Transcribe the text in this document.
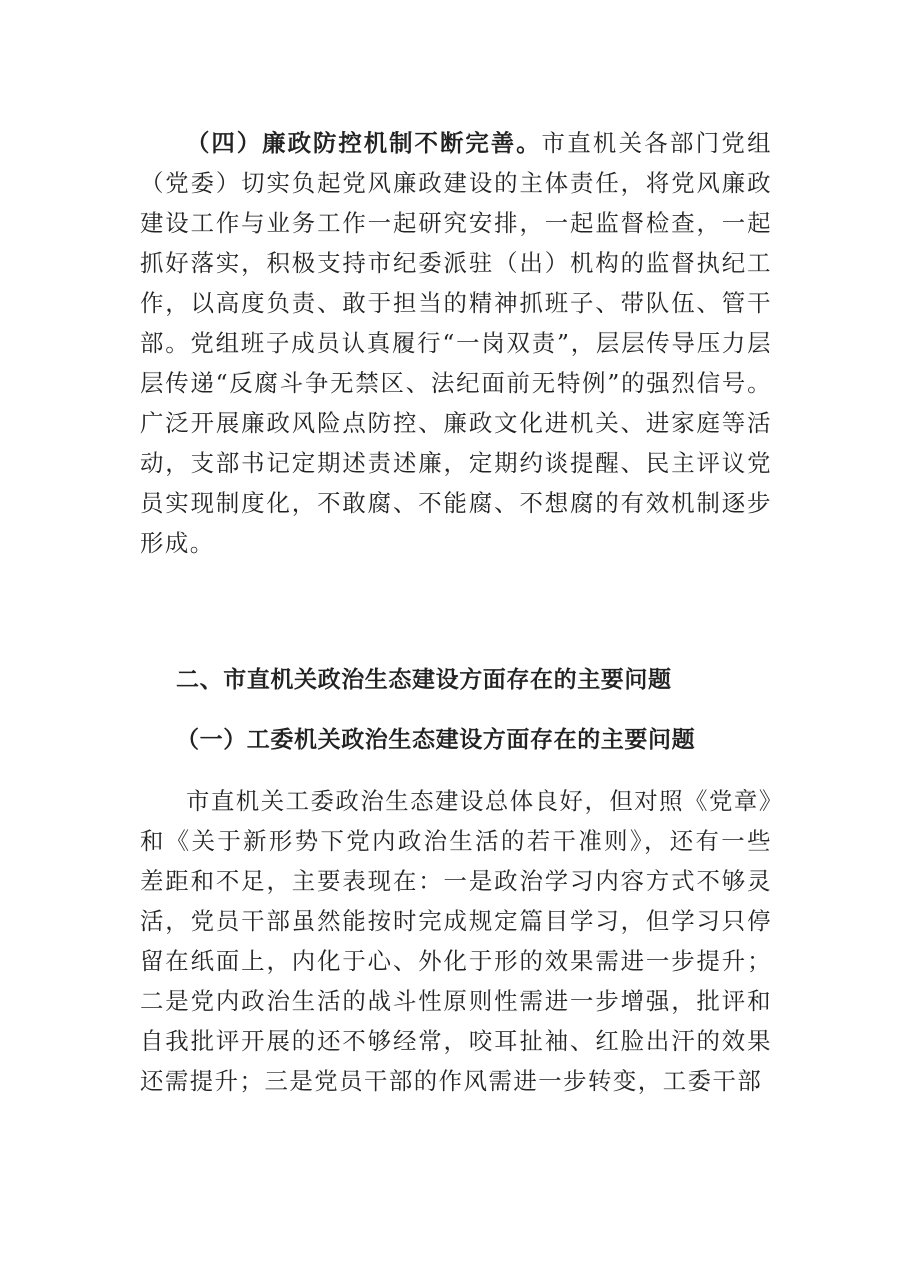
（四）廉政防控机制不断完善。市直机关各部门党组（党委）切实负起党风廉政建设的主体责任，将党风廉政建设工作与业务工作一起研究安排，一起监督检查，一起抓好落实，积极支持市纪委派驻（出）机构的监督执纪工作，以高度负责、敢于担当的精神抓班子、带队伍、管干部。党组班子成员认真履行“一岗双责”，层层传导压力层层传递“反腐斗争无禁区、法纪面前无特例”的强烈信号。广泛开展廉政风险点防控、廉政文化进机关、进家庭等活动，支部书记定期述责述廉，定期约谈提醒、民主评议党员实现制度化，不敢腐、不能腐、不想腐的有效机制逐步形成。

二、市直机关政治生态建设方面存在的主要问题
（一）工委机关政治生态建设方面存在的主要问题

市直机关工委政治生态建设总体良好，但对照《党章》和《关于新形势下党内政治生活的若干准则》，还有一些差距和不足，主要表现在：一是政治学习内容方式不够灵活，党员干部虽然能按时完成规定篇目学习，但学习只停留在纸面上，内化于心、外化于形的效果需进一步提升；二是党内政治生活的战斗性原则性需进一步增强，批评和自我批评开展的还不够经常，咬耳扯袖、红脸出汗的效果还需提升；三是党员干部的作风需进一步转变，工委干部
